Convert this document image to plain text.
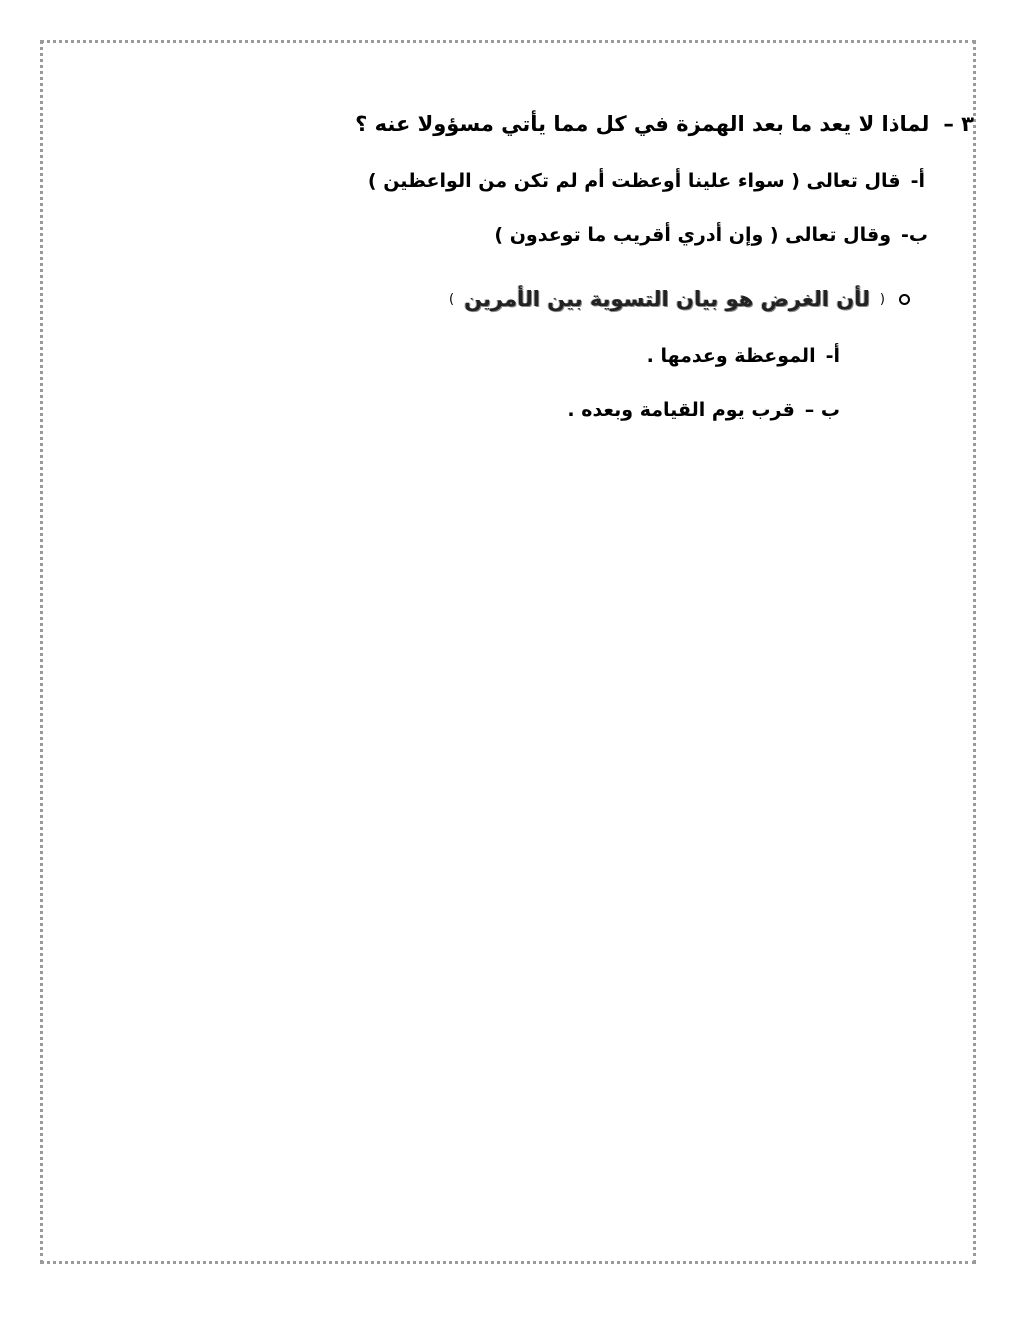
٣ –
لماذا لا يعد ما بعد الهمزة في كل مما يأتي مسؤولا عنه ؟
أ-
قال تعالى ( سواء علينا أوعظت أم لم تكن من الواعظين )
ب-
وقال تعالى ( وإن أدري أقريب ما توعدون )
(
لأن الغرض هو بيان التسوية بين الأمرين
)
أ-
الموعظة وعدمها .
ب –
قرب يوم القيامة وبعده .
